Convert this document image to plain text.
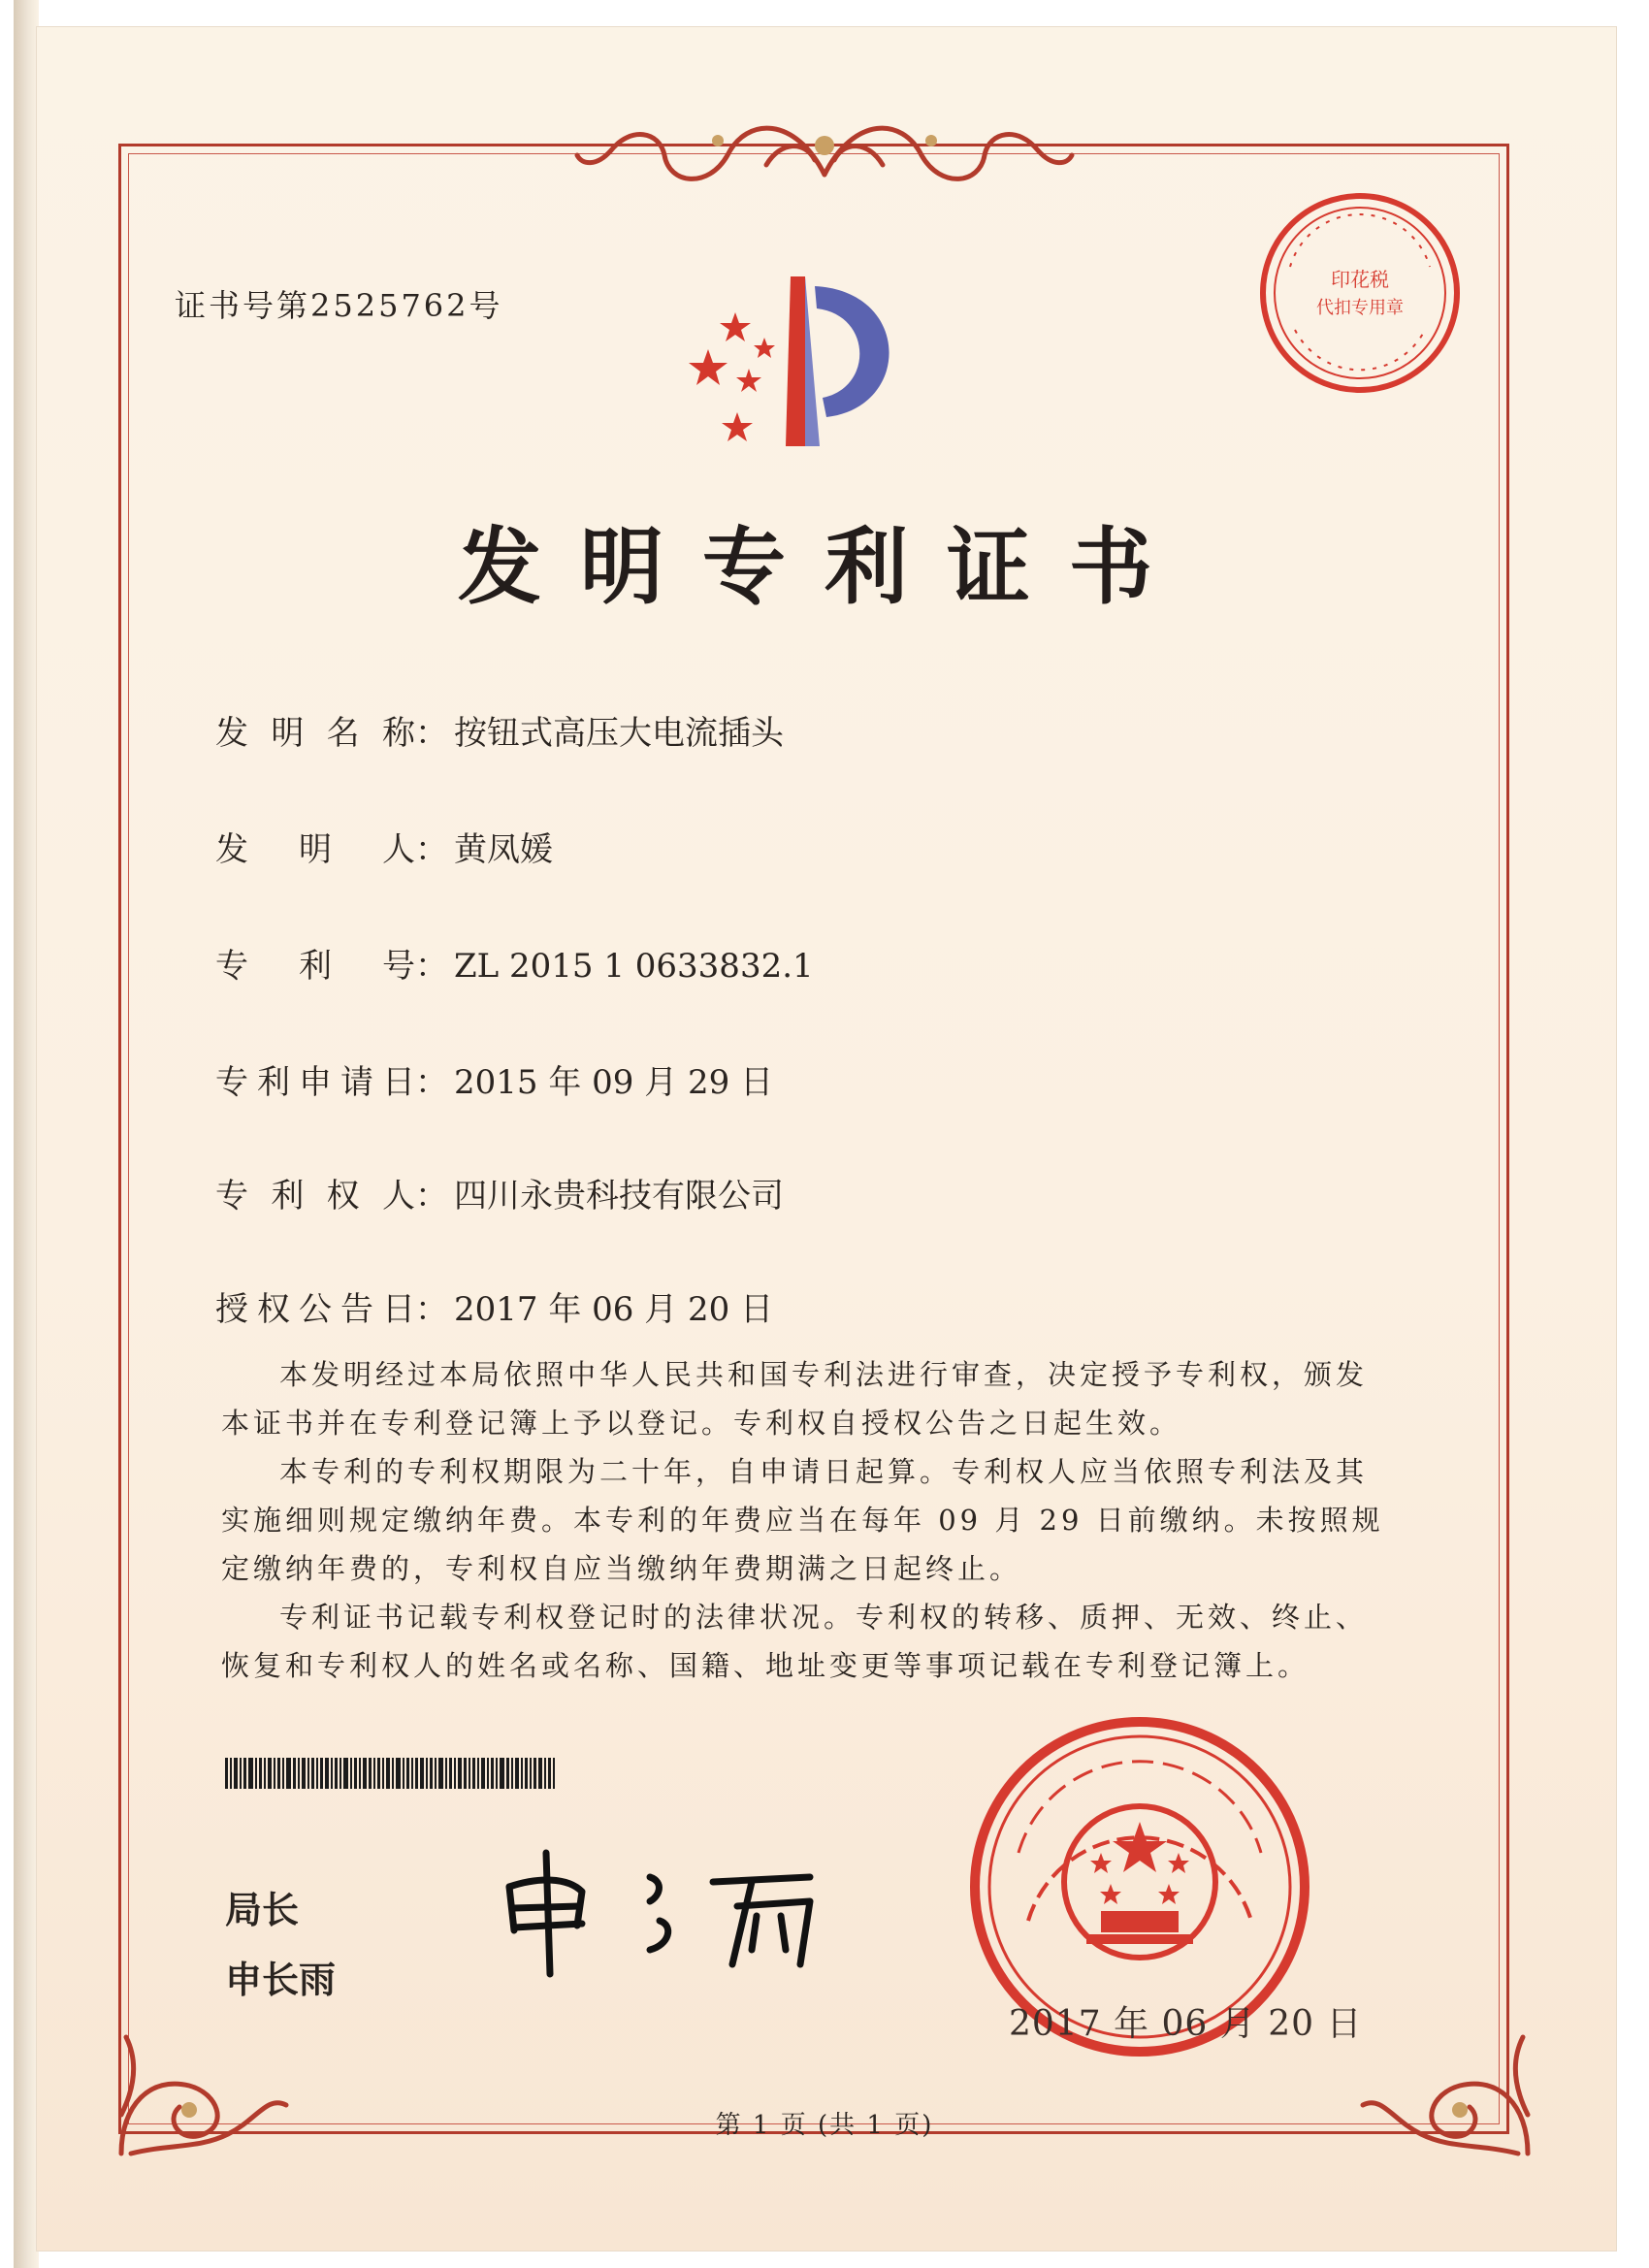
证书号第2525762号
印花税
代扣专用章
发明专利证书
发明名称 ： 按钮式高压大电流插头
发明人 ： 黄凤媛
专利号 ： ZL 2015 1 0633832.1
专利申请日 ： 2015 年 09 月 29 日
专利权人 ： 四川永贵科技有限公司
授权公告日 ： 2017 年 06 月 20 日

本发明经过本局依照中华人民共和国专利法进行审查，决定授予专利权，颁发本证书并在专利登记簿上予以登记。专利权自授权公告之日起生效。

本专利的专利权期限为二十年，自申请日起算。专利权人应当依照专利法及其实施细则规定缴纳年费。本专利的年费应当在每年 09 月 29 日前缴纳。未按照规定缴纳年费的，专利权自应当缴纳年费期满之日起终止。

专利证书记载专利权登记时的法律状况。专利权的转移、质押、无效、终止、恢复和专利权人的姓名或名称、国籍、地址变更等事项记载在专利登记簿上。

局长
申长雨
2017 年 06 月 20 日
第 1 页 (共 1 页)
